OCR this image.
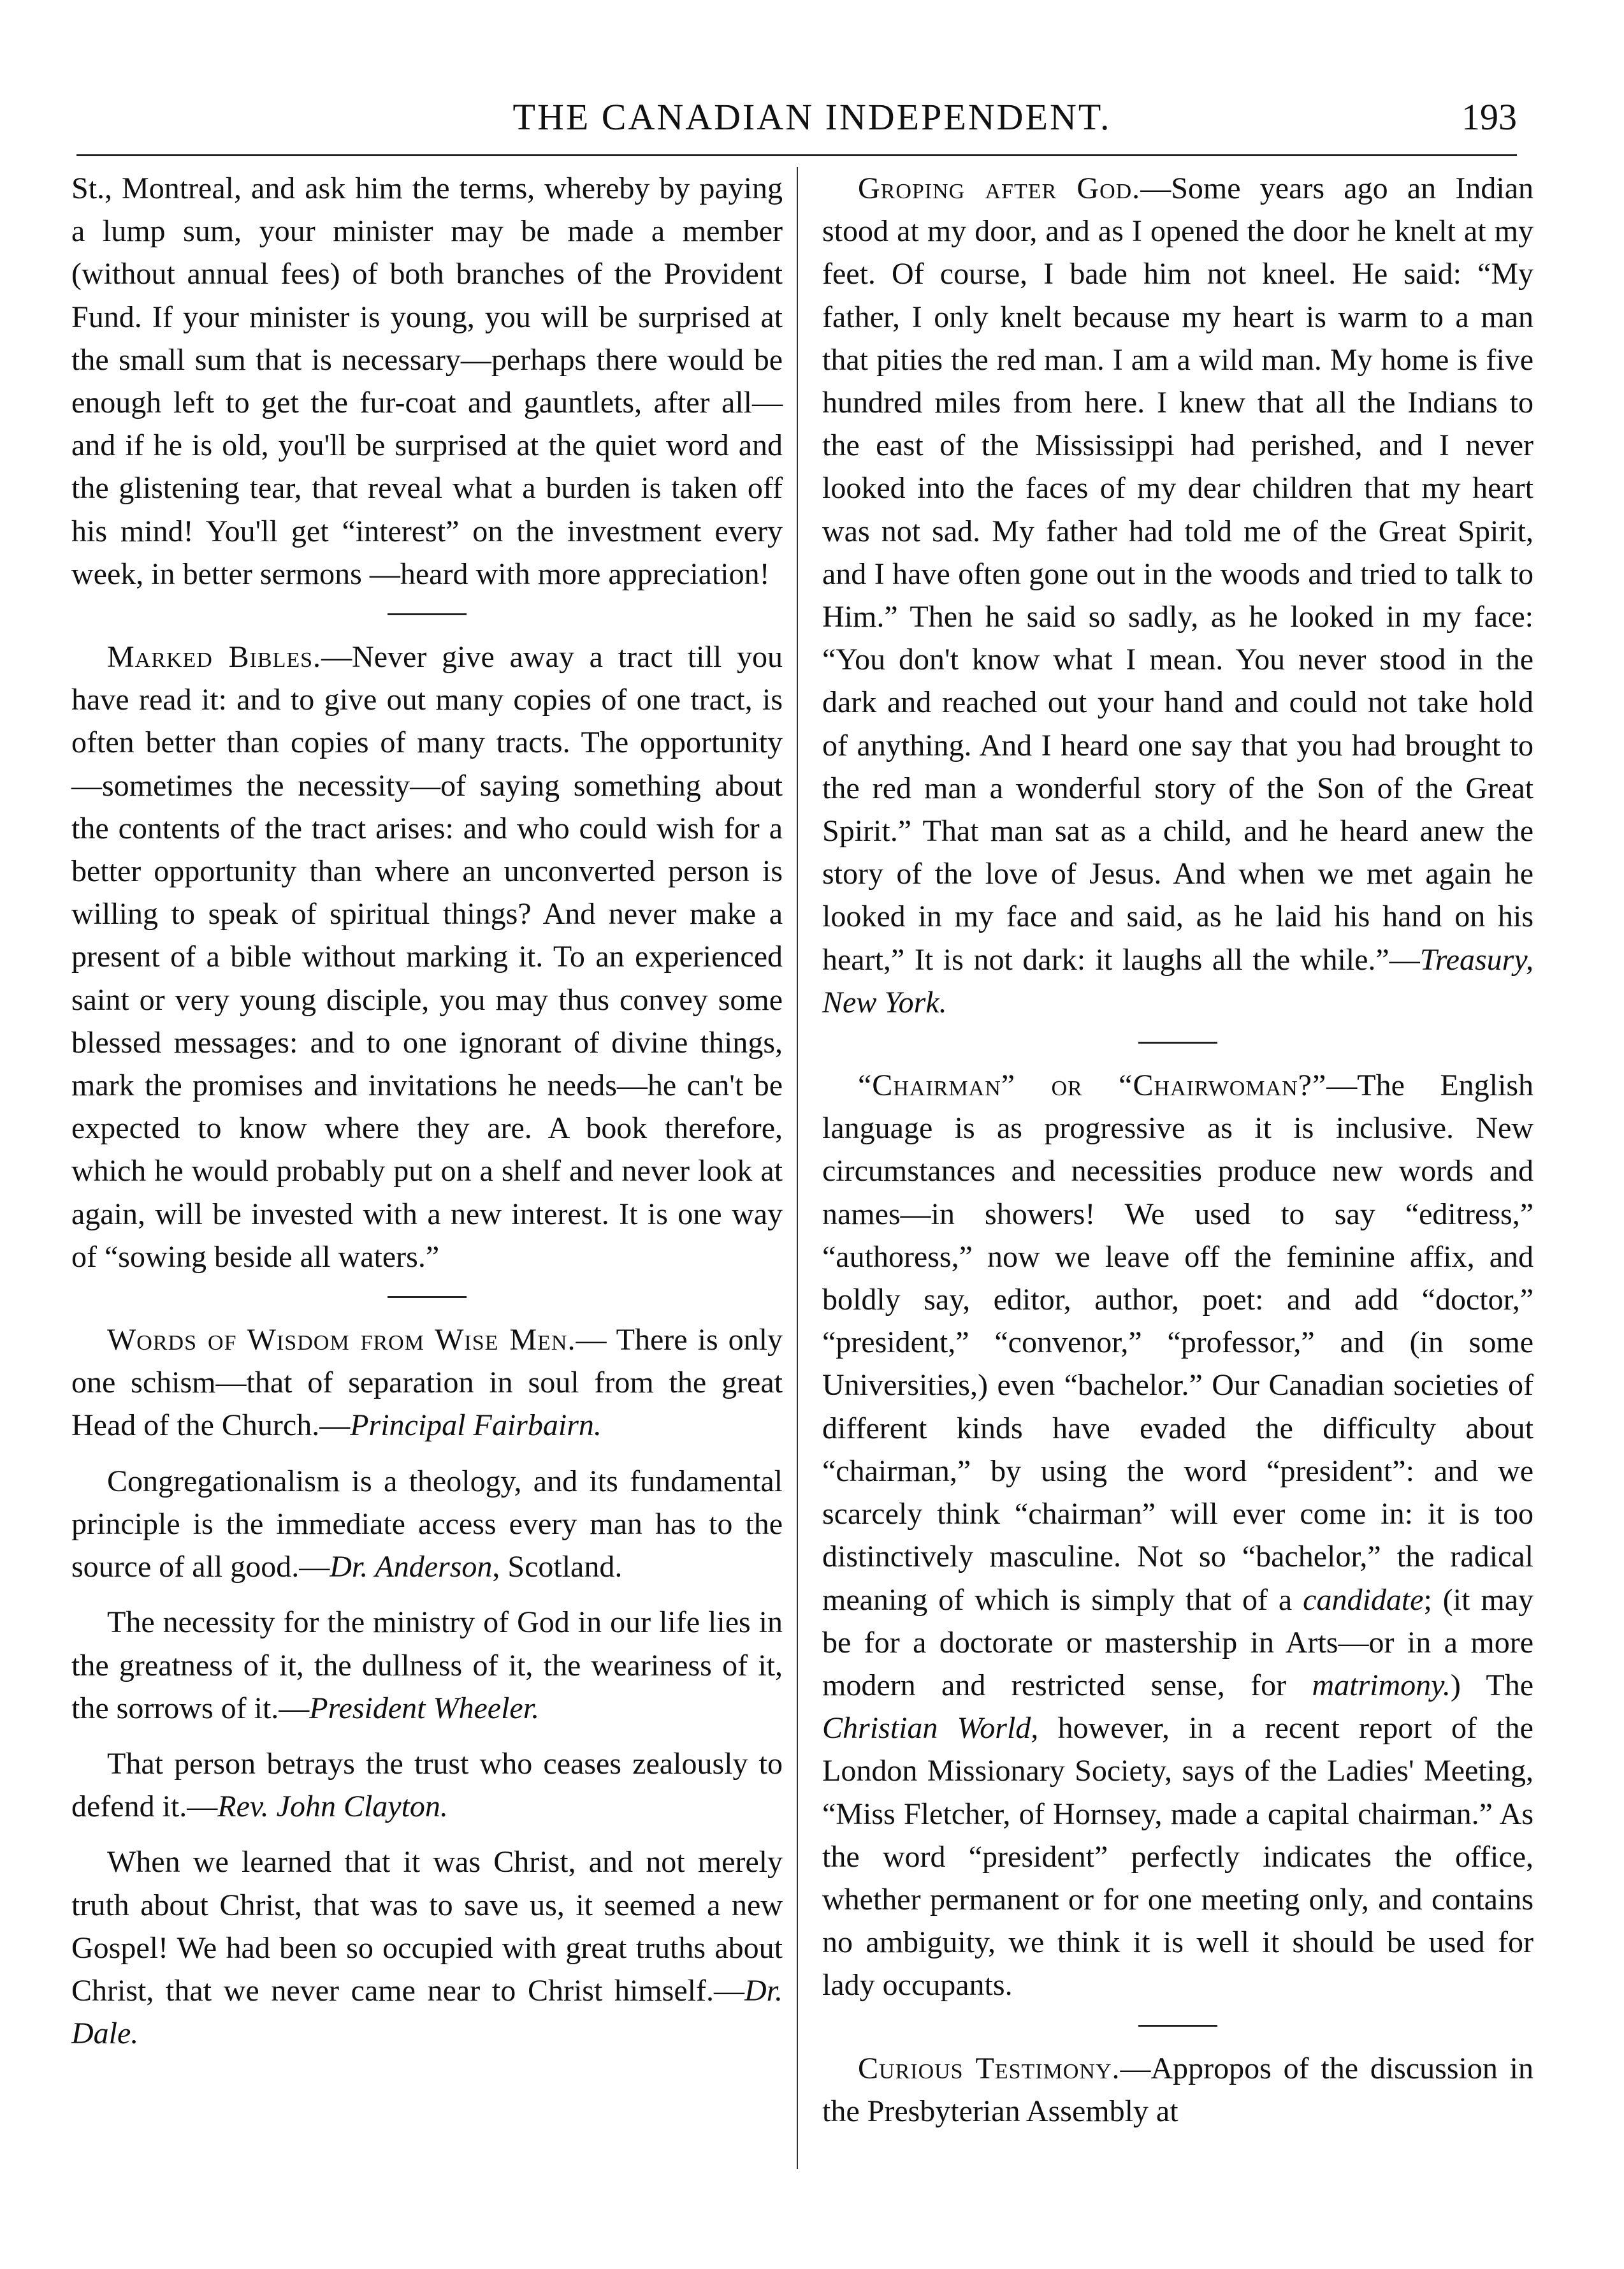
THE CANADIAN INDEPENDENT.	193

St., Montreal, and ask him the terms, whereby by paying a lump sum, your minister may be made a member (without annual fees) of both branches of the Provident Fund. If your minister is young, you will be surprised at the small sum that is necessary—perhaps there would be enough left to get the fur-coat and gauntlets, after all—and if he is old, you'll be surprised at the quiet word and the glistening tear, that reveal what a burden is taken off his mind! You'll get “interest” on the investment every week, in better sermons —heard with more appreciation!

Marked Bibles.—Never give away a tract till you have read it: and to give out many copies of one tract, is often better than copies of many tracts. The opportunity—sometimes the necessity—of saying something about the contents of the tract arises: and who could wish for a better opportunity than where an unconverted person is willing to speak of spiritual things? And never make a present of a bible without marking it. To an experienced saint or very young disciple, you may thus convey some blessed messages: and to one ignorant of divine things, mark the promises and invitations he needs—he can't be expected to know where they are. A book therefore, which he would probably put on a shelf and never look at again, will be invested with a new interest. It is one way of “sowing beside all waters.”

Words of Wisdom from Wise Men.— There is only one schism—that of separation in soul from the great Head of the Church.—Principal Fairbairn.

Congregationalism is a theology, and its fundamental principle is the immediate access every man has to the source of all good.—Dr. Anderson, Scotland.

The necessity for the ministry of God in our life lies in the greatness of it, the dullness of it, the weariness of it, the sorrows of it.—President Wheeler.

That person betrays the trust who ceases zealously to defend it.—Rev. John Clayton.

When we learned that it was Christ, and not merely truth about Christ, that was to save us, it seemed a new Gospel! We had been so occupied with great truths about Christ, that we never came near to Christ himself.—Dr. Dale.

Groping after God.—Some years ago an Indian stood at my door, and as I opened the door he knelt at my feet. Of course, I bade him not kneel. He said: “My father, I only knelt because my heart is warm to a man that pities the red man. I am a wild man. My home is five hundred miles from here. I knew that all the Indians to the east of the Mississippi had perished, and I never looked into the faces of my dear children that my heart was not sad. My father had told me of the Great Spirit, and I have often gone out in the woods and tried to talk to Him.” Then he said so sadly, as he looked in my face: “You don't know what I mean. You never stood in the dark and reached out your hand and could not take hold of anything. And I heard one say that you had brought to the red man a wonderful story of the Son of the Great Spirit.” That man sat as a child, and he heard anew the story of the love of Jesus. And when we met again he looked in my face and said, as he laid his hand on his heart,” It is not dark: it laughs all the while.”—Treasury, New York.

“Chairman” or “Chairwoman?”—The English language is as progressive as it is inclusive. New circumstances and necessities produce new words and names—in showers! We used to say “editress,” “authoress,” now we leave off the feminine affix, and boldly say, editor, author, poet: and add “doctor,” “president,” “convenor,” “professor,” and (in some Universities,) even “bachelor.” Our Canadian societies of different kinds have evaded the difficulty about “chairman,” by using the word “president”: and we scarcely think “chairman” will ever come in: it is too distinctively masculine. Not so “bachelor,” the radical meaning of which is simply that of a candidate; (it may be for a doctorate or mastership in Arts—or in a more modern and restricted sense, for matrimony.) The Christian World, however, in a recent report of the London Missionary Society, says of the Ladies' Meeting, “Miss Fletcher, of Hornsey, made a capital chairman.” As the word “president” perfectly indicates the office, whether permanent or for one meeting only, and contains no ambiguity, we think it is well it should be used for lady occupants.

Curious Testimony.—Appropos of the discussion in the Presbyterian Assembly at
